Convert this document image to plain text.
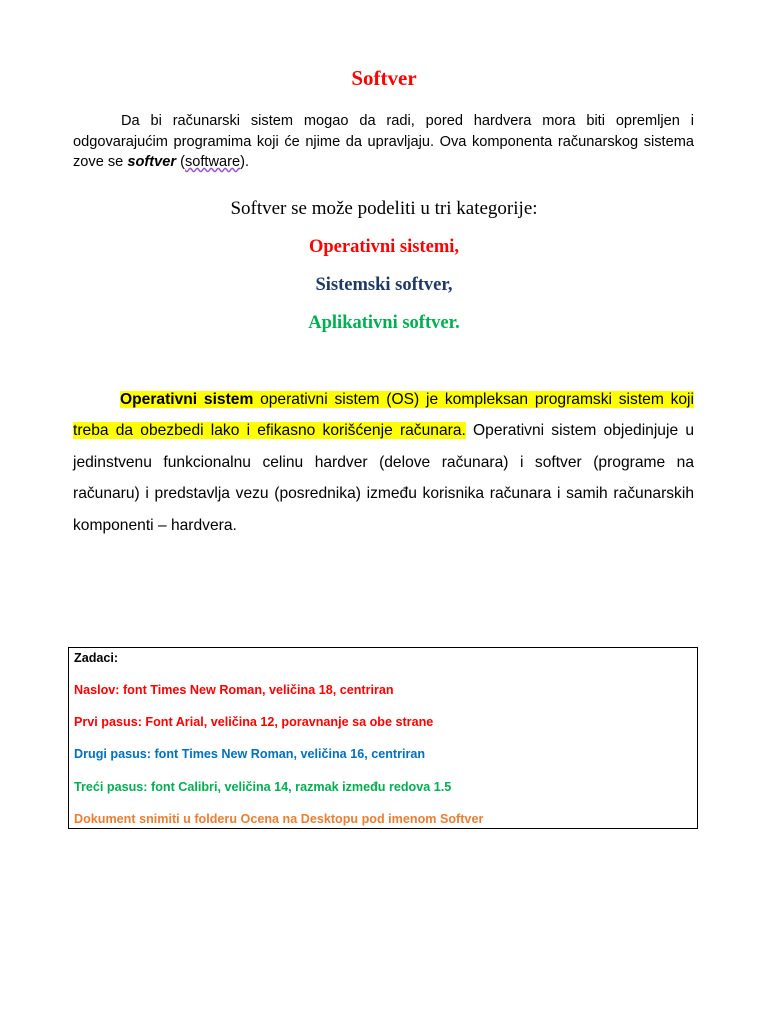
Softver

Da bi računarski sistem mogao da radi, pored hardvera mora biti opremljen i odgovarajućim programima koji će njime da upravljaju. Ova komponenta računarskog sistema zove se softver (software).

Softver se može podeliti u tri kategorije:
Operativni sistemi,
Sistemski softver,
Aplikativni softver.

Operativni sistem operativni sistem (OS) je kompleksan programski sistem koji treba da obezbedi lako i efikasno korišćenje računara. Operativni sistem objedinjuje u jedinstvenu funkcionalnu celinu hardver (delove računara) i softver (programe na računaru) i predstavlja vezu (posrednika) između korisnika računara i samih računarskih komponenti – hardvera.

Zadaci:
Naslov: font Times New Roman, veličina 18, centriran
Prvi pasus: Font Arial, veličina 12, poravnanje sa obe strane
Drugi pasus: font Times New Roman, veličina 16, centriran
Treći pasus: font Calibri, veličina 14, razmak između redova 1.5
Dokument snimiti u folderu Ocena na Desktopu pod imenom Softver
